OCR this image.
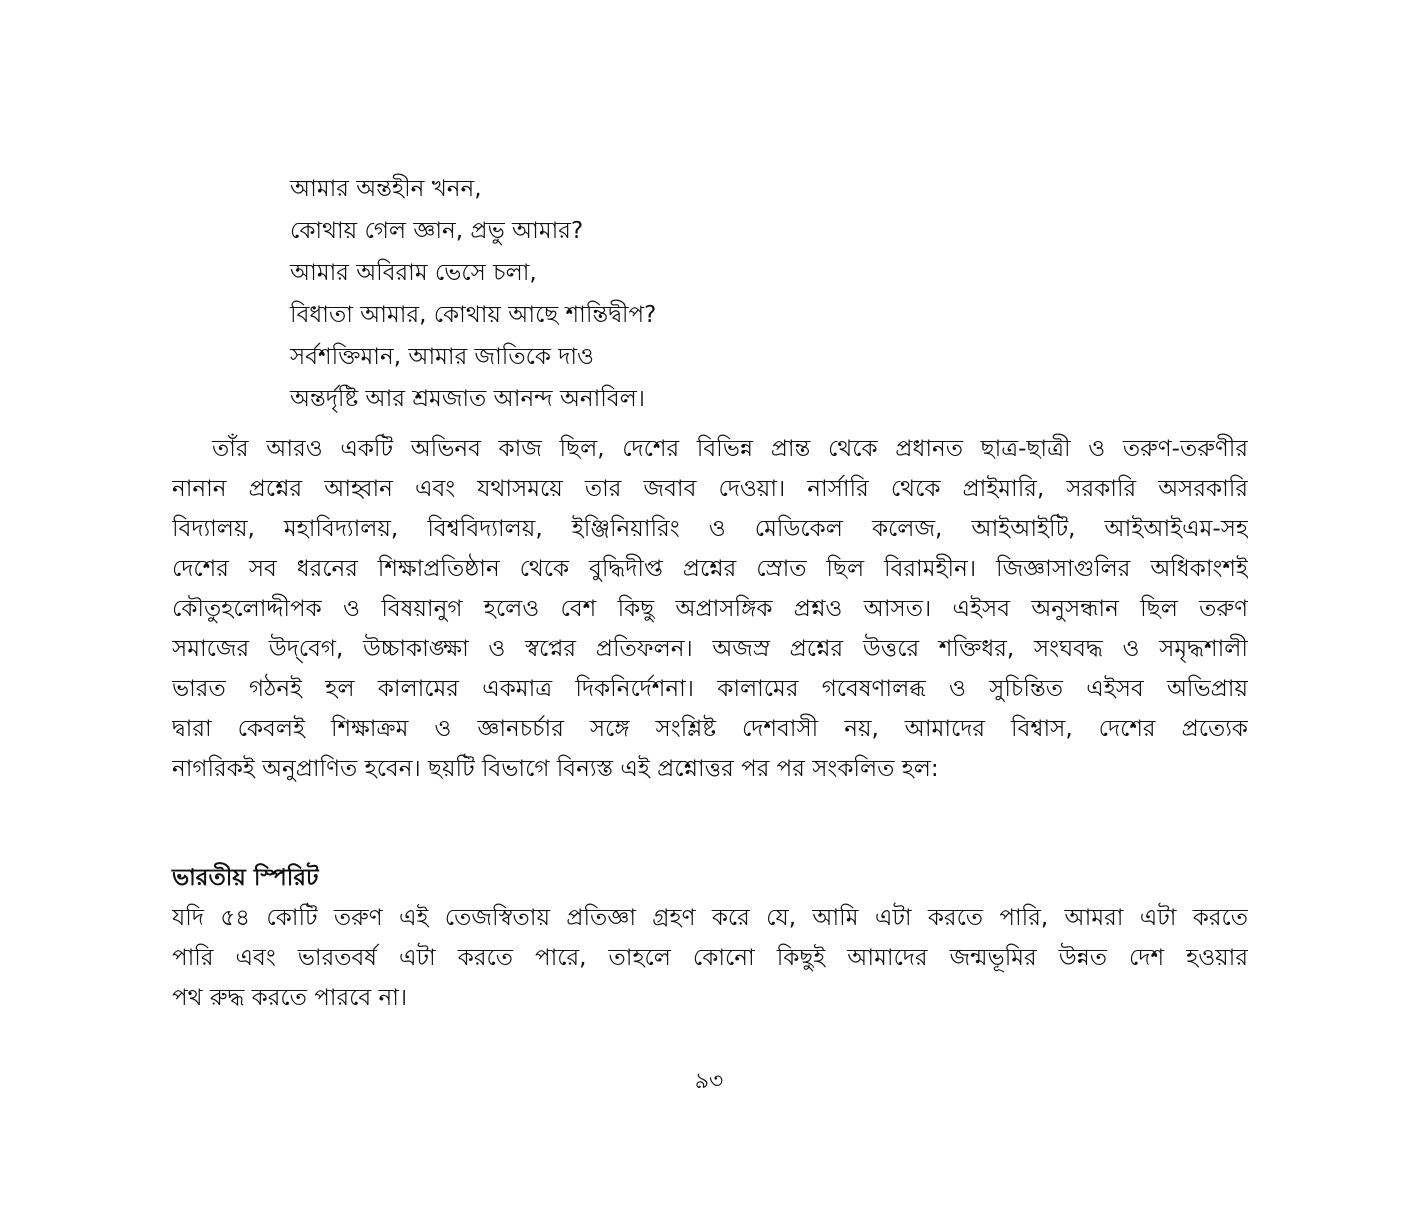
আমার অন্তহীন খনন,
কোথায় গেল জ্ঞান, প্রভু আমার?
আমার অবিরাম ভেসে চলা,
বিধাতা আমার, কোথায় আছে শান্তিদ্বীপ?
সর্বশক্তিমান, আমার জাতিকে দাও
অন্তর্দৃষ্টি আর শ্রমজাত আনন্দ অনাবিল।
তাঁর আরও একটি অভিনব কাজ ছিল, দেশের বিভিন্ন প্রান্ত থেকে প্রধানত ছাত্র-ছাত্রী ও তরুণ-তরুণীর
নানান প্রশ্নের আহ্বান এবং যথাসময়ে তার জবাব দেওয়া। নার্সারি থেকে প্রাইমারি, সরকারি অসরকারি
বিদ্যালয়, মহাবিদ্যালয়, বিশ্ববিদ্যালয়, ইঞ্জিনিয়ারিং ও মেডিকেল কলেজ, আইআইটি, আইআইএম-সহ
দেশের সব ধরনের শিক্ষাপ্রতিষ্ঠান থেকে বুদ্ধিদীপ্ত প্রশ্নের স্রোত ছিল বিরামহীন। জিজ্ঞাসাগুলির অধিকাংশই
কৌতুহলোদ্দীপক ও বিষয়ানুগ হলেও বেশ কিছু অপ্রাসঙ্গিক প্রশ্নও আসত। এইসব অনুসন্ধান ছিল তরুণ
সমাজের উদ্‌বেগ, উচ্চাকাঙ্ক্ষা ও স্বপ্নের প্রতিফলন। অজস্র প্রশ্নের উত্তরে শক্তিধর, সংঘবদ্ধ ও সমৃদ্ধশালী
ভারত গঠনই হল কালামের একমাত্র দিকনির্দেশনা। কালামের গবেষণালব্ধ ও সুচিন্তিত এইসব অভিপ্রায়
দ্বারা কেবলই শিক্ষাক্রম ও জ্ঞানচর্চার সঙ্গে সংশ্লিষ্ট দেশবাসী নয়, আমাদের বিশ্বাস, দেশের প্রত্যেক
নাগরিকই অনুপ্রাণিত হবেন। ছয়টি বিভাগে বিন্যস্ত এই প্রশ্নোত্তর পর পর সংকলিত হল:
ভারতীয় স্পিরিট
যদি ৫৪ কোটি তরুণ এই তেজস্বিতায় প্রতিজ্ঞা গ্রহণ করে যে, আমি এটা করতে পারি, আমরা এটা করতে
পারি এবং ভারতবর্ষ এটা করতে পারে, তাহলে কোনো কিছুই আমাদের জন্মভূমির উন্নত দেশ হওয়ার
পথ রুদ্ধ করতে পারবে না।
৯৩
